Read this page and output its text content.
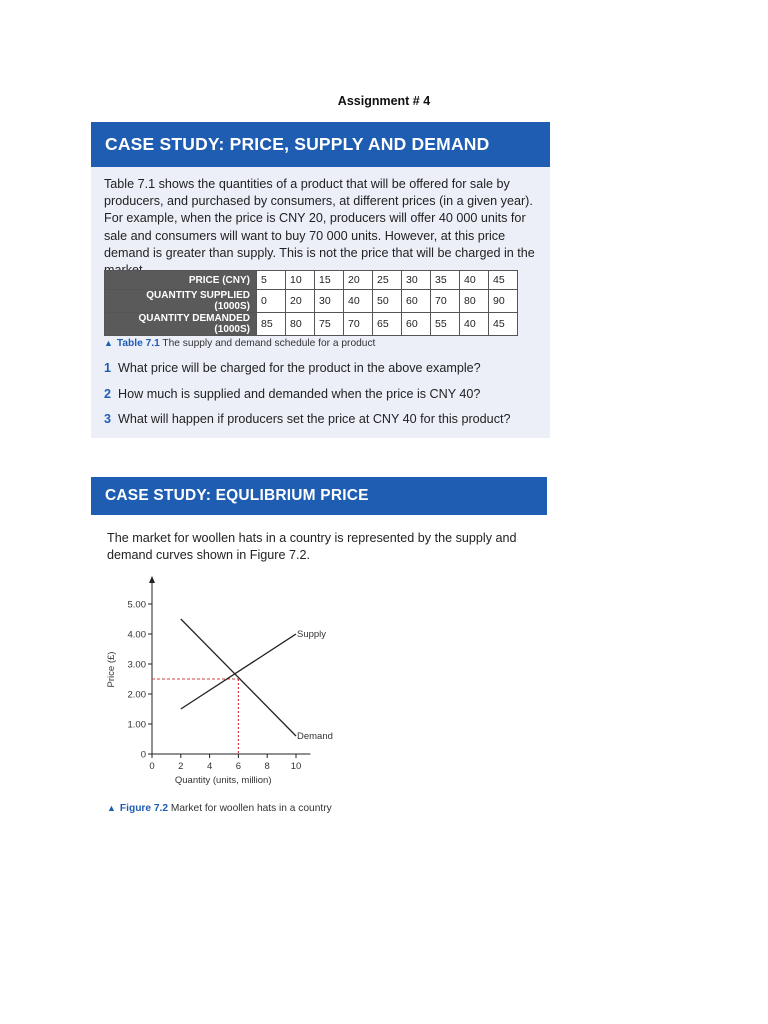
Assignment # 4
CASE STUDY: PRICE, SUPPLY AND DEMAND
Table 7.1 shows the quantities of a product that will be offered for sale by producers, and purchased by consumers, at different prices (in a given year). For example, when the price is CNY 20, producers will offer 40 000 units for sale and consumers will want to buy 70 000 units. However, at this price demand is greater than supply. This is not the price that will be charged in the
PRICE (CNY)	5	10	15	20	25	30	35	40	45
QUANTITY SUPPLIED (1000S)	0	20	30	40	50	60	70	80	90
QUANTITY DEMANDED (1000S)	85	80	75	70	65	60	55	40	45
▲ Table 7.1 The supply and demand schedule for a product
1 What price will be charged for the product in the above example?
2 How much is supplied and demanded when the price is CNY 40?
3 What will happen if producers set the price at CNY 40 for this product?
CASE STUDY: EQULIBRIUM PRICE
The market for woollen hats in a country is represented by the supply and demand curves shown in Figure 7.2.
0
1.00
2.00
3.00
4.00
5.00
0 2 4 6 8 10
Quantity (units, million)
Price (£)
Supply
Demand
▲ Figure 7.2 Market for woollen hats in a country
